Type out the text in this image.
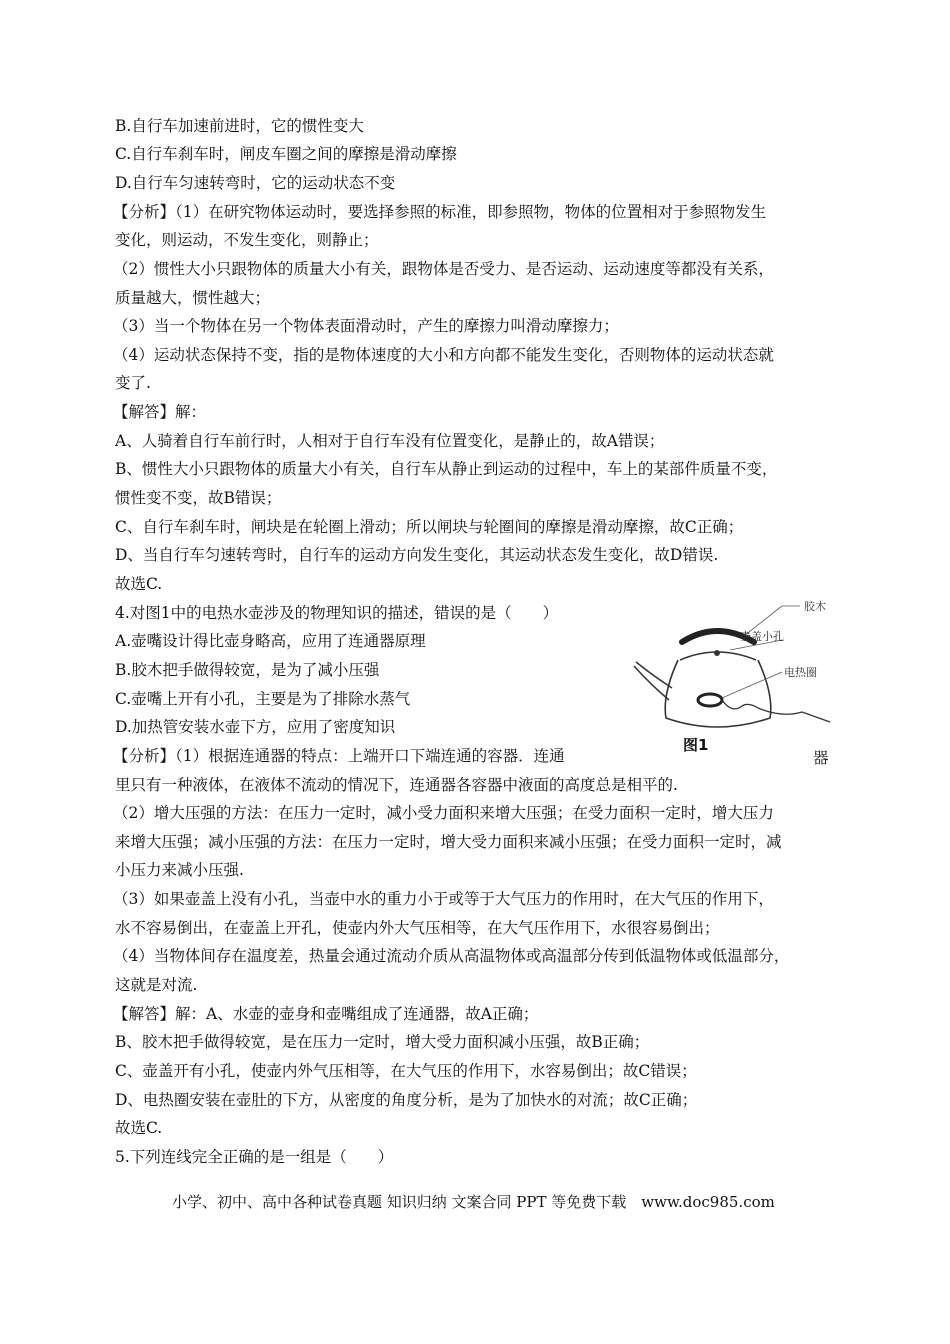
B.自行车加速前进时，它的惯性变大
C.自行车刹车时，闸皮车圈之间的摩擦是滑动摩擦
D.自行车匀速转弯时，它的运动状态不变
【分析】（1）在研究物体运动时，要选择参照的标准，即参照物，物体的位置相对于参照物发生
变化，则运动，不发生变化，则静止；
（2）惯性大小只跟物体的质量大小有关，跟物体是否受力、是否运动、运动速度等都没有关系，
质量越大，惯性越大；
（3）当一个物体在另一个物体表面滑动时，产生的摩擦力叫滑动摩擦力；
（4）运动状态保持不变，指的是物体速度的大小和方向都不能发生变化，否则物体的运动状态就
变了.
【解答】解：
A、人骑着自行车前行时，人相对于自行车没有位置变化，是静止的，故A错误；
B、惯性大小只跟物体的质量大小有关，自行车从静止到运动的过程中，车上的某部件质量不变，
惯性变不变，故B错误；
C、自行车刹车时，闸块是在轮圈上滑动；所以闸块与轮圈间的摩擦是滑动摩擦，故C正确；
D、当自行车匀速转弯时，自行车的运动方向发生变化，其运动状态发生变化，故D错误.
故选C.
4.对图1中的电热水壶涉及的物理知识的描述，错误的是（　　）
A.壶嘴设计得比壶身略高，应用了连通器原理
B.胶木把手做得较宽，是为了减小压强
C.壶嘴上开有小孔，主要是为了排除水蒸气
D.加热管安装水壶下方，应用了密度知识
【分析】（1）根据连通器的特点：上端开口下端连通的容器．连通	器
里只有一种液体，在液体不流动的情况下，连通器各容器中液面的高度总是相平的.
（2）增大压强的方法：在压力一定时，减小受力面积来增大压强；在受力面积一定时，增大压力
来增大压强；减小压强的方法：在压力一定时，增大受力面积来减小压强；在受力面积一定时，减
小压力来减小压强.
（3）如果壶盖上没有小孔，当壶中水的重力小于或等于大气压力的作用时，在大气压的作用下，
水不容易倒出，在壶盖上开孔，使壶内外大气压相等，在大气压作用下，水很容易倒出；
（4）当物体间存在温度差，热量会通过流动介质从高温物体或高温部分传到低温物体或低温部分，
这就是对流.
【解答】解：A、水壶的壶身和壶嘴组成了连通器，故A正确；
B、胶木把手做得较宽，是在压力一定时，增大受力面积减小压强，故B正确；
C、壶盖开有小孔，使壶内外气压相等，在大气压的作用下，水容易倒出；故C错误；
D、电热圈安装在壶肚的下方，从密度的角度分析，是为了加快水的对流；故C正确；
故选C.
5.下列连线完全正确的是一组是（　　）
胶木
壶盖小孔
电热圈
图1
小学、初中、高中各种试卷真题 知识归纳 文案合同 PPT 等免费下载　www.doc985.com
